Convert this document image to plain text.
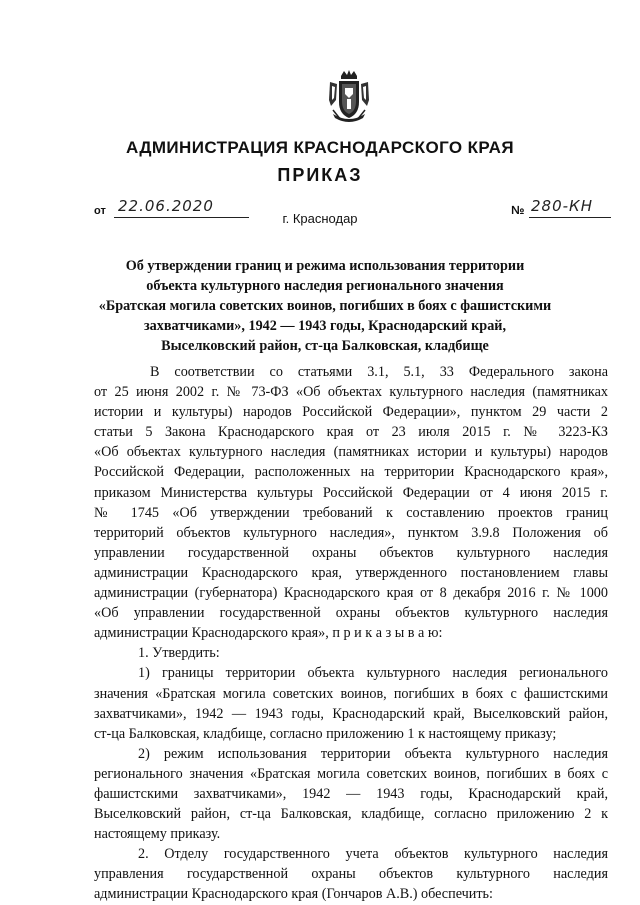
АДМИНИСТРАЦИЯ КРАСНОДАРСКОГО КРАЯ
ПРИКАЗ
от 22.06.2020	№ 280-КН
г. Краснодар
Об утверждении границ и режима использования территории
объекта культурного наследия регионального значения
«Братская могила советских воинов, погибших в боях с фашистскими
захватчиками», 1942 — 1943 годы, Краснодарский край,
Выселковский район, ст-ца Балковская, кладбище

В соответствии со статьями 3.1, 5.1, 33 Федерального закона

от 25 июня 2002 г. № 73-ФЗ «Об объектах культурного наследия (памятниках

истории и культуры) народов Российской Федерации», пунктом 29 части 2

статьи 5 Закона Краснодарского края от 23 июля 2015 г. № 3223-КЗ

«Об объектах культурного наследия (памятниках истории и культуры) народов

Российской Федерации, расположенных на территории Краснодарского края»,

приказом Министерства культуры Российской Федерации от 4 июня 2015 г.

№ 1745 «Об утверждении требований к составлению проектов границ

территорий объектов культурного наследия», пунктом 3.9.8 Положения об

управлении государственной охраны объектов культурного наследия

администрации Краснодарского края, утвержденного постановлением главы

администрации (губернатора) Краснодарского края от 8 декабря 2016 г. № 1000

«Об управлении государственной охраны объектов культурного наследия

администрации Краснодарского края», п р и к а з ы в а ю:

1. Утвердить:

1) границы территории объекта культурного наследия регионального

значения «Братская могила советских воинов, погибших в боях с фашистскими

захватчиками», 1942 — 1943 годы, Краснодарский край, Выселковский район,

ст-ца Балковская, кладбище, согласно приложению 1 к настоящему приказу;

2) режим использования территории объекта культурного наследия

регионального значения «Братская могила советских воинов, погибших в боях с

фашистскими захватчиками», 1942 — 1943 годы, Краснодарский край,

Выселковский район, ст-ца Балковская, кладбище, согласно приложению 2 к

настоящему приказу.

2. Отделу государственного учета объектов культурного наследия

управления государственной охраны объектов культурного наследия

администрации Краснодарского края (Гончаров А.В.) обеспечить:
